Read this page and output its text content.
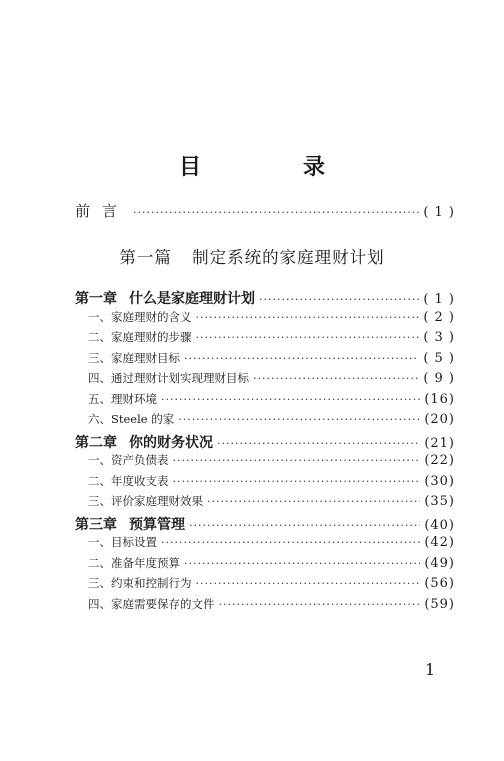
目　录
前言 ·····	( 1 )
第一篇 制定系统的家庭理财计划
第一章 什么是家庭理财计划 ·····	( 1 )
一、家庭理财的含义 ·····	( 2 )
二、家庭理财的步骤 ·····	( 3 )
三、家庭理财目标 ·····	( 5 )
四、通过理财计划实现理财目标 ·····	( 9 )
五、理财环境 ·····	(16)
六、Steele 的家 ·····	(20)
第二章 你的财务状况 ·····	(21)
一、资产负债表 ·····	(22)
二、年度收支表 ·····	(30)
三、评价家庭理财效果 ·····	(35)
第三章 预算管理 ·····	(40)
一、目标设置 ·····	(42)
二、准备年度预算 ·····	(49)
三、约束和控制行为 ·····	(56)
四、家庭需要保存的文件 ·····	(59)
1
